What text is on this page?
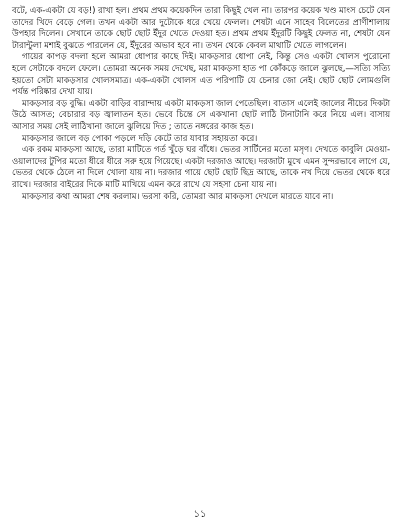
বটে, এক-একটা যে বড়!) রাখা হল। প্রথম প্রথম কয়েকদিন তারা কিছুই খেল না। তারপর কয়েক খণ্ড মাংস চেটে যেন তাদের খিদে বেড়ে গেল। তখন একটা আর দুটোকে ধরে খেয়ে ফেলল। শেষটা এনে সাহেব বিলেতের প্রাণীশালায় উপহার দিলেন। সেখানে তাকে ছোট ছোট ইঁদুর খেতে দেওয়া হত। প্রথম প্রথম ইঁদুরটি কিছুই ফেলত না, শেষটা যেন টারান্টুলা মশাই বুঝতে পারলেন যে, ইঁদুরের অভাব হবে না। তখন থেকে কেবল মাথাটি খেতে লাগলেন।

গায়ের কাপড় বদলা হলে আমরা ধোপার কাছে দিই। মাকড়সার ধোপা নেই, কিন্তু সেও একটা খোলস পুরোনো হলে সেটাকে বদলে ফেলে। তোমরা অনেক সময় দেখেছ, মরা মাকড়সা হাত পা কোঁকড়ে জালে ঝুলছে,—সত্যি সত্যি হয়তো সেটা মাকড়সার খোলসমাত্র। এক-একটা খোলস এত পরিপাটি যে চেনার জো নেই। ছোট ছোট লোমগুলি পর্যন্ত পরিষ্কার দেখা যায়।

মাকড়সার বড় বুদ্ধি। একটা বাড়ির বারান্দায় একটা মাকড়সা জাল পেতেছিল। বাতাস এলেই জালের নীচের দিকটা উঠে আসত; বেচারার বড় জ্বালাতন হত। ভেবে চিন্তে সে একখানা ছোট লাঠি টানাটানি করে নিয়ে এল। বাসায় আসার সময় সেই লাঠিখানা জালে ঝুলিয়ে দিত ; তাতে নঙ্গরের কাজ হত।

মাকড়সার জালে বড় পোকা পড়লে দড়ি কেটে তার যাবার সহায়তা করে।

এক রকম মাকড়সা আছে, তারা মাটিতে গর্ত খুঁড়ে ঘর বাঁধে। ভেতর সার্টিনের মতো মসৃণ। দেখতে কাবুলি মেওয়া-ওয়ালাদের টুপির মতো ধীরে ধীরে সরু হয়ে গিয়েছে। একটা দরজাও আছে। দরজাটা মুখে এমন সুন্দরভাবে লাগে যে, ভেতর থেকে ঠেলে না দিলে খোলা যায় না। দরজার গায়ে ছোট ছোট ছিদ্র আছে, তাকে নখ দিয়ে ভেতর থেকে ধরে রাখে। দরজার বাইরের দিকে মাটি মাখিয়ে এমন করে রাখে যে সহসা চেনা যায় না।

মাকড়সার কথা আমরা শেষ করলাম। ভরসা করি, তোমরা আর মাকড়সা দেখলে মারতে যাবে না।

১১
